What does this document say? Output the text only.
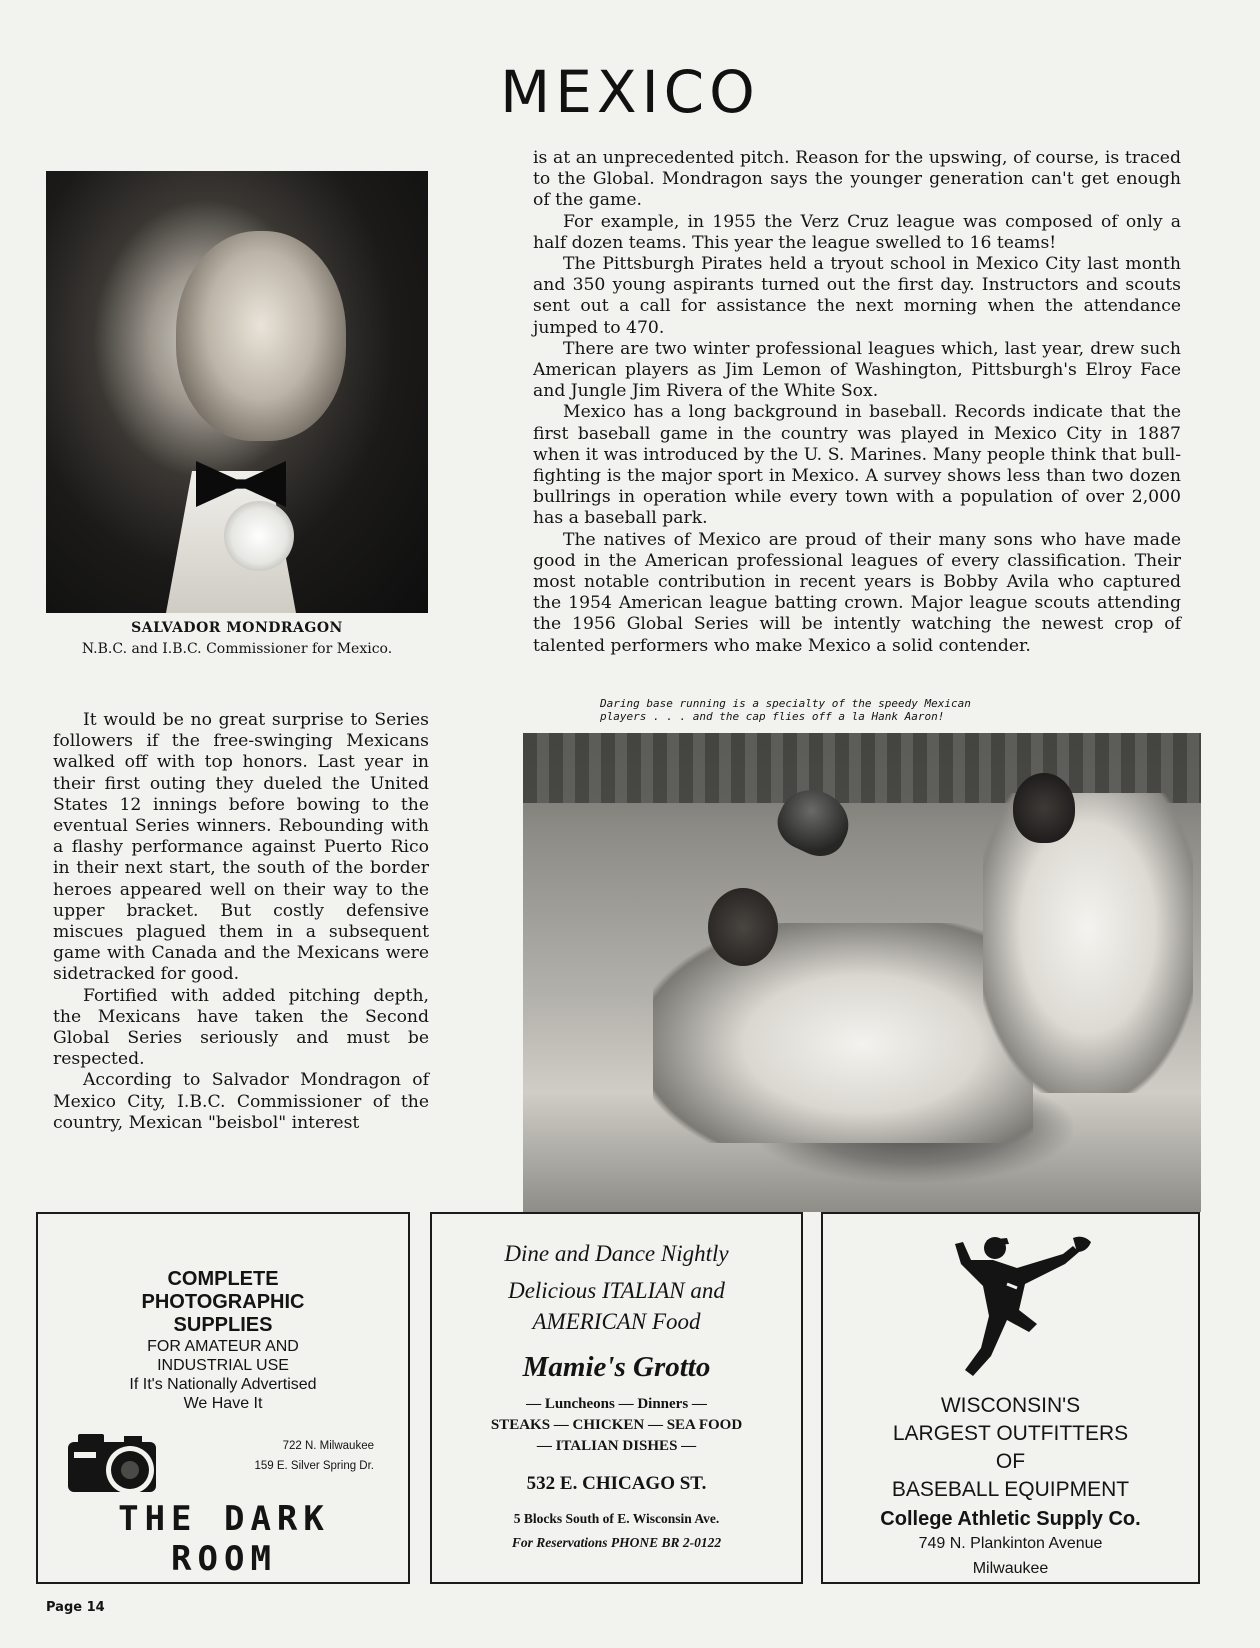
MEXICO
SALVADOR MONDRAGON
N.B.C. and I.B.C. Commissioner for Mexico.

is at an unprecedented pitch. Reason for the upswing, of course, is traced to the Global. Mondragon says the younger generation can't get enough of the game.

For example, in 1955 the Verz Cruz league was composed of only a half dozen teams. This year the league swelled to 16 teams!

The Pittsburgh Pirates held a tryout school in Mexico City last month and 350 young aspirants turned out the first day. Instructors and scouts sent out a call for assistance the next morning when the attendance jumped to 470.

There are two winter professional leagues which, last year, drew such American players as Jim Lemon of Washington, Pittsburgh's Elroy Face and Jungle Jim Rivera of the White Sox.

Mexico has a long background in baseball. Records indicate that the first baseball game in the country was played in Mexico City in 1887 when it was introduced by the U. S. Marines. Many people think that bull-fighting is the major sport in Mexico. A survey shows less than two dozen bullrings in operation while every town with a population of over 2,000 has a baseball park.

The natives of Mexico are proud of their many sons who have made good in the American professional leagues of every classification. Their most notable contribution in recent years is Bobby Avila who captured the 1954 American league batting crown. Major league scouts attending the 1956 Global Series will be intently watching the newest crop of talented performers who make Mexico a solid contender.

It would be no great surprise to Series followers if the free-swinging Mexicans walked off with top honors. Last year in their first outing they dueled the United States 12 innings before bowing to the eventual Series winners. Rebounding with a flashy performance against Puerto Rico in their next start, the south of the border heroes appeared well on their way to the upper bracket. But costly defensive miscues plagued them in a subsequent game with Canada and the Mexicans were sidetracked for good.

Fortified with added pitching depth, the Mexicans have taken the Second Global Series seriously and must be respected.

According to Salvador Mondragon of Mexico City, I.B.C. Commissioner of the country, Mexican "beisbol" interest

Daring base running is a specialty of the speedy Mexican
players . . . and the cap flies off a la Hank Aaron!
COMPLETE
PHOTOGRAPHIC
SUPPLIES
FOR AMATEUR AND
INDUSTRIAL USE
If It's Nationally Advertised
We Have It
722 N. Milwaukee
159 E. Silver Spring Dr.
THE DARK ROOM
Dine and Dance Nightly
Delicious ITALIAN and
AMERICAN Food
Mamie's Grotto
— Luncheons — Dinners —
STEAKS — CHICKEN — SEA FOOD
— ITALIAN DISHES —
532 E. CHICAGO ST.
5 Blocks South of E. Wisconsin Ave.
For Reservations PHONE BR 2-0122
WISCONSIN'S
LARGEST OUTFITTERS
OF
BASEBALL EQUIPMENT
College Athletic Supply Co.
749 N. Plankinton Avenue
Milwaukee
Page 14
